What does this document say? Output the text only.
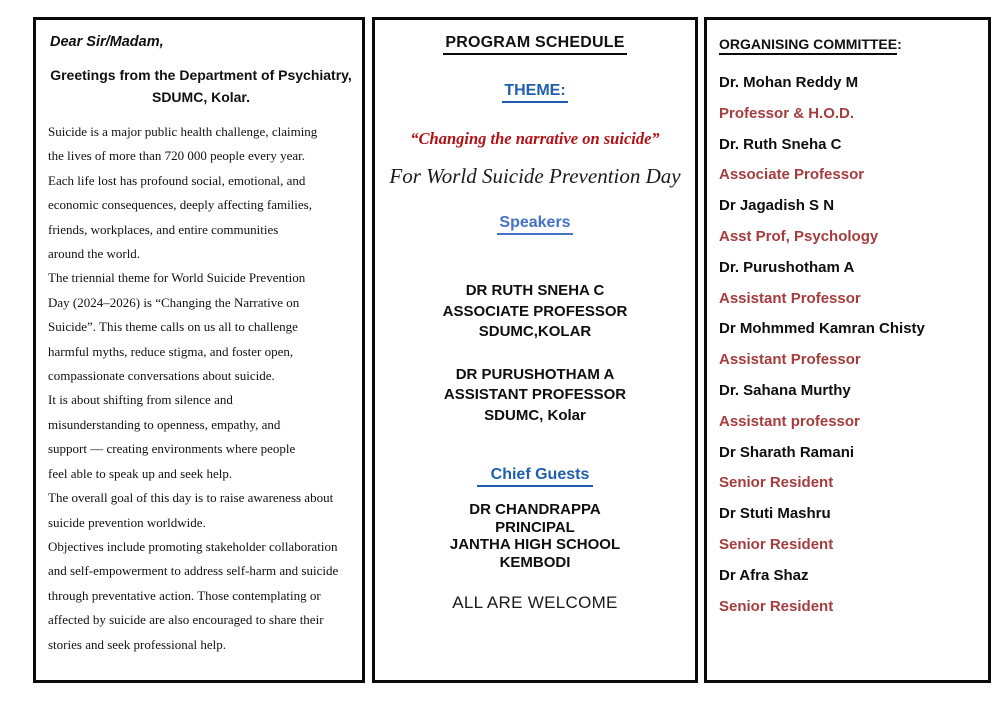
Dear Sir/Madam,
Greetings from the Department of Psychiatry,
SDUMC, Kolar.
Suicide is a major public health challenge, claiming
the lives of more than 720 000 people every year.
Each life lost has profound social, emotional, and
economic consequences, deeply affecting families,
friends, workplaces, and entire communities
around the world.
The triennial theme for World Suicide Prevention
Day (2024–2026) is “Changing the Narrative on
Suicide”. This theme calls on us all to challenge
harmful myths, reduce stigma, and foster open,
compassionate conversations about suicide.
It is about shifting from silence and
misunderstanding to openness, empathy, and
support — creating environments where people
feel able to speak up and seek help.
The overall goal of this day is to raise awareness about
suicide prevention worldwide.
Objectives include promoting stakeholder collaboration
and self-empowerment to address self-harm and suicide
through preventative action. Those contemplating or
affected by suicide are also encouraged to share their
stories and seek professional help.
PROGRAM SCHEDULE
THEME:
“Changing the narrative on suicide”
For World Suicide Prevention Day
Speakers
DR RUTH SNEHA C
ASSOCIATE PROFESSOR
SDUMC,KOLAR
DR PURUSHOTHAM A
ASSISTANT PROFESSOR
SDUMC, Kolar
Chief Guests
DR CHANDRAPPA
PRINCIPAL
JANTHA HIGH SCHOOL
KEMBODI
ALL ARE WELCOME
ORGANISING COMMITTEE:
Dr. Mohan Reddy M
Professor & H.O.D.
Dr. Ruth Sneha C
Associate Professor
Dr Jagadish S N
Asst Prof, Psychology
Dr. Purushotham A
Assistant Professor
Dr Mohmmed Kamran Chisty
Assistant Professor
Dr. Sahana Murthy
Assistant professor
Dr Sharath Ramani
Senior Resident
Dr Stuti Mashru
Senior Resident
Dr Afra Shaz
Senior Resident
